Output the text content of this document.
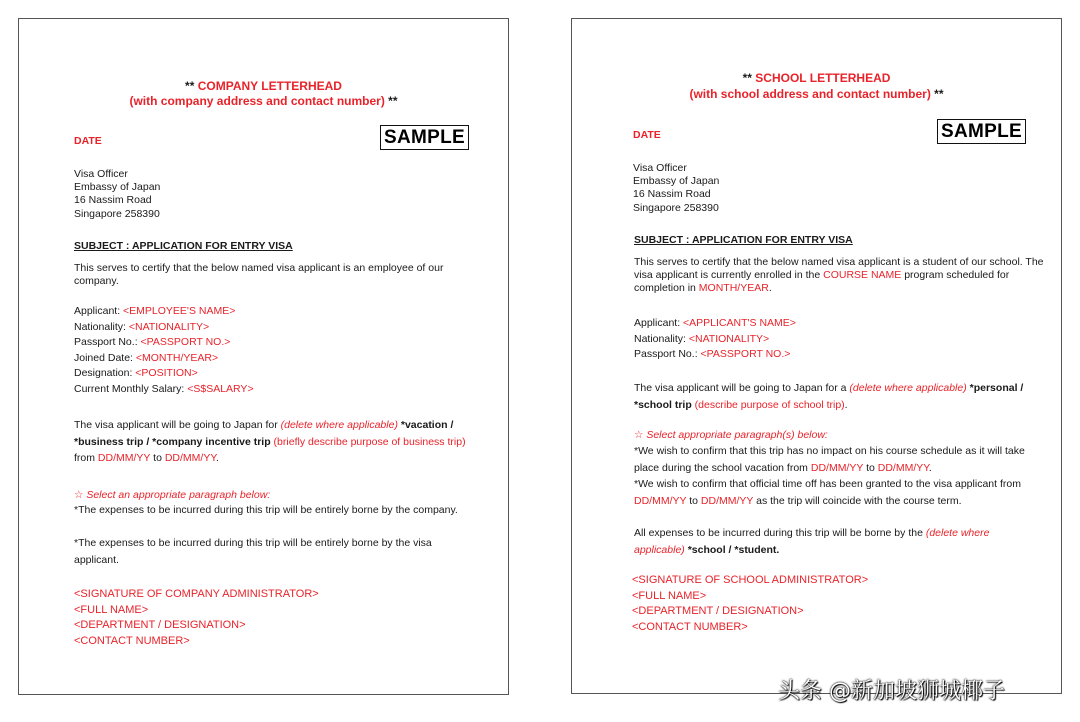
** COMPANY LETTERHEAD
(with company address and contact number) **
DATE	SAMPLE
Visa Officer
Embassy of Japan
16 Nassim Road
Singapore 258390
SUBJECT : APPLICATION FOR ENTRY VISA
This serves to certify that the below named visa applicant is an employee of our company.
Applicant: <EMPLOYEE'S NAME>
Nationality: <NATIONALITY>
Passport No.: <PASSPORT NO.>
Joined Date: <MONTH/YEAR>
Designation: <POSITION>
Current Monthly Salary: <S$SALARY>
The visa applicant will be going to Japan for (delete where applicable) *vacation / *business trip / *company incentive trip (briefly describe purpose of business trip) from DD/MM/YY to DD/MM/YY.
☆ Select an appropriate paragraph below:
*The expenses to be incurred during this trip will be entirely borne by the company.
*The expenses to be incurred during this trip will be entirely borne by the visa applicant.
<SIGNATURE OF COMPANY ADMINISTRATOR>
<FULL NAME>
<DEPARTMENT / DESIGNATION>
<CONTACT NUMBER>
** SCHOOL LETTERHEAD
(with school address and contact number) **
DATE	SAMPLE
Visa Officer
Embassy of Japan
16 Nassim Road
Singapore 258390
SUBJECT : APPLICATION FOR ENTRY VISA
This serves to certify that the below named visa applicant is a student of our school. The visa applicant is currently enrolled in the COURSE NAME program scheduled for completion in MONTH/YEAR.
Applicant: <APPLICANT'S NAME>
Nationality: <NATIONALITY>
Passport No.: <PASSPORT NO.>
The visa applicant will be going to Japan for a (delete where applicable) *personal / *school trip (describe purpose of school trip).
☆ Select appropriate paragraph(s) below:
*We wish to confirm that this trip has no impact on his course schedule as it will take place during the school vacation from DD/MM/YY to DD/MM/YY.
*We wish to confirm that official time off has been granted to the visa applicant from DD/MM/YY to DD/MM/YY as the trip will coincide with the course term.
All expenses to be incurred during this trip will be borne by the (delete where applicable) *school / *student.
<SIGNATURE OF SCHOOL ADMINISTRATOR>
<FULL NAME>
<DEPARTMENT / DESIGNATION>
<CONTACT NUMBER>
头条 @新加坡狮城椰子
